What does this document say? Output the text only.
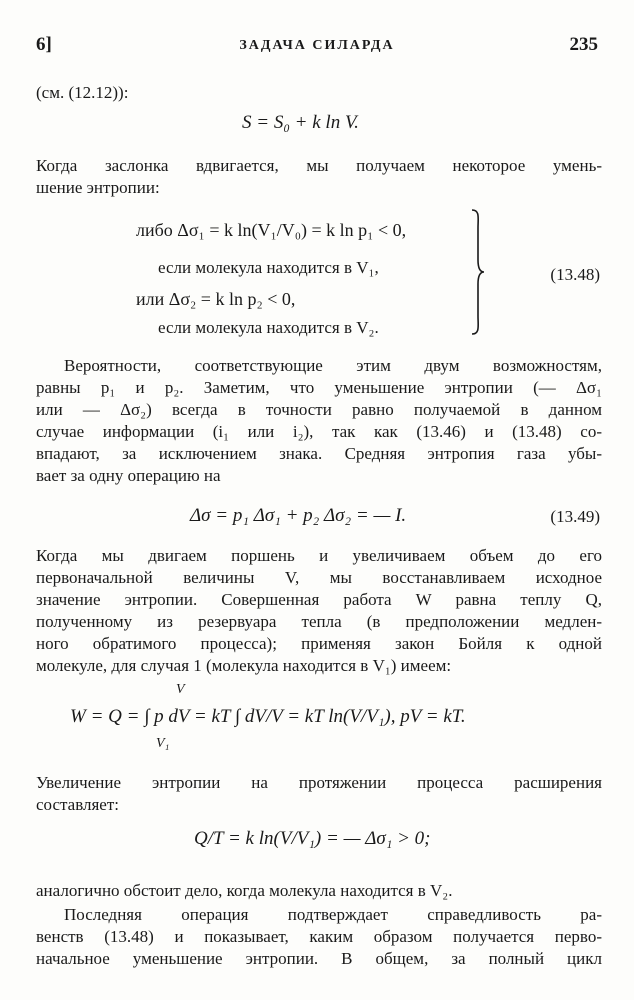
6]	ЗАДАЧА СИЛАРДА	235
(см. (12.12)):
S = S₀ + k ln V.
Когда заслонка вдвигается, мы получаем некоторое умень-
шение энтропии:
либо Δσ₁ = k ln(V₁/V₀) = k ln p₁ < 0,
если молекула находится в V₁,
или Δσ₂ = k ln p₂ < 0,
если молекула находится в V₂.
(13.48)
Вероятности, соответствующие этим двум возможностям,
равны p₁ и p₂. Заметим, что уменьшение энтропии (— Δσ₁
или — Δσ₂) всегда в точности равно получаемой в данном
случае информации (i₁ или i₂), так как (13.46) и (13.48) со-
впадают, за исключением знака. Средняя энтропия газа убы-
вает за одну операцию на
Δσ = p₁ Δσ₁ + p₂ Δσ₂ = — I.	(13.49)
Когда мы двигаем поршень и увеличиваем объем до его
первоначальной величины V, мы восстанавливаем исходное
значение энтропии. Совершенная работа W равна теплу Q,
полученному из резервуара тепла (в предположении медлен-
ного обратимого процесса); применяя закон Бойля к одной
молекуле, для случая 1 (молекула находится в V₁) имеем:
W = Q = ∫ p dV = kT ∫ dV/V = kT ln(V/V₁), pV = kT.
V
V₁
Увеличение энтропии на протяжении процесса расширения
составляет:
Q/T = k ln(V/V₁) = — Δσ₁ > 0;
аналогично обстоит дело, когда молекула находится в V₂.
Последняя операция подтверждает справедливость ра-
венств (13.48) и показывает, каким образом получается перво-
начальное уменьшение энтропии. В общем, за полный цикл
